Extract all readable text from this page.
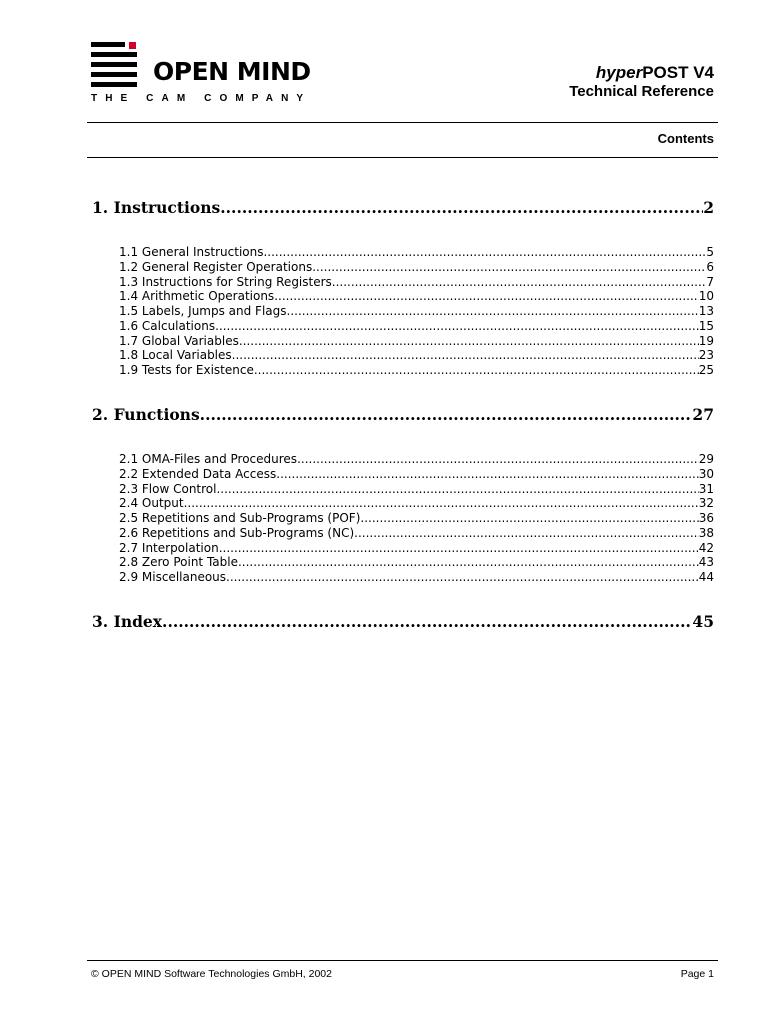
OPEN MIND
THE CAM COMPANY
hyperPOST V4
Technical Reference
Contents
1. Instructions .....	2
1.1 General Instructions .....	5
1.2 General Register Operations .....	6
1.3 Instructions for String Registers .....	7
1.4 Arithmetic Operations .....	10
1.5 Labels, Jumps and Flags .....	13
1.6 Calculations .....	15
1.7 Global Variables .....	19
1.8 Local Variables .....	23
1.9 Tests for Existence .....	25
2. Functions .....	27
2.1 OMA-Files and Procedures .....	29
2.2 Extended Data Access .....	30
2.3 Flow Control .....	31
2.4 Output .....	32
2.5 Repetitions and Sub-Programs (POF) .....	36
2.6 Repetitions and Sub-Programs (NC) .....	38
2.7 Interpolation .....	42
2.8 Zero Point Table .....	43
2.9 Miscellaneous .....	44
3. Index .....	45
© OPEN MIND Software Technologies GmbH, 2002	Page 1
